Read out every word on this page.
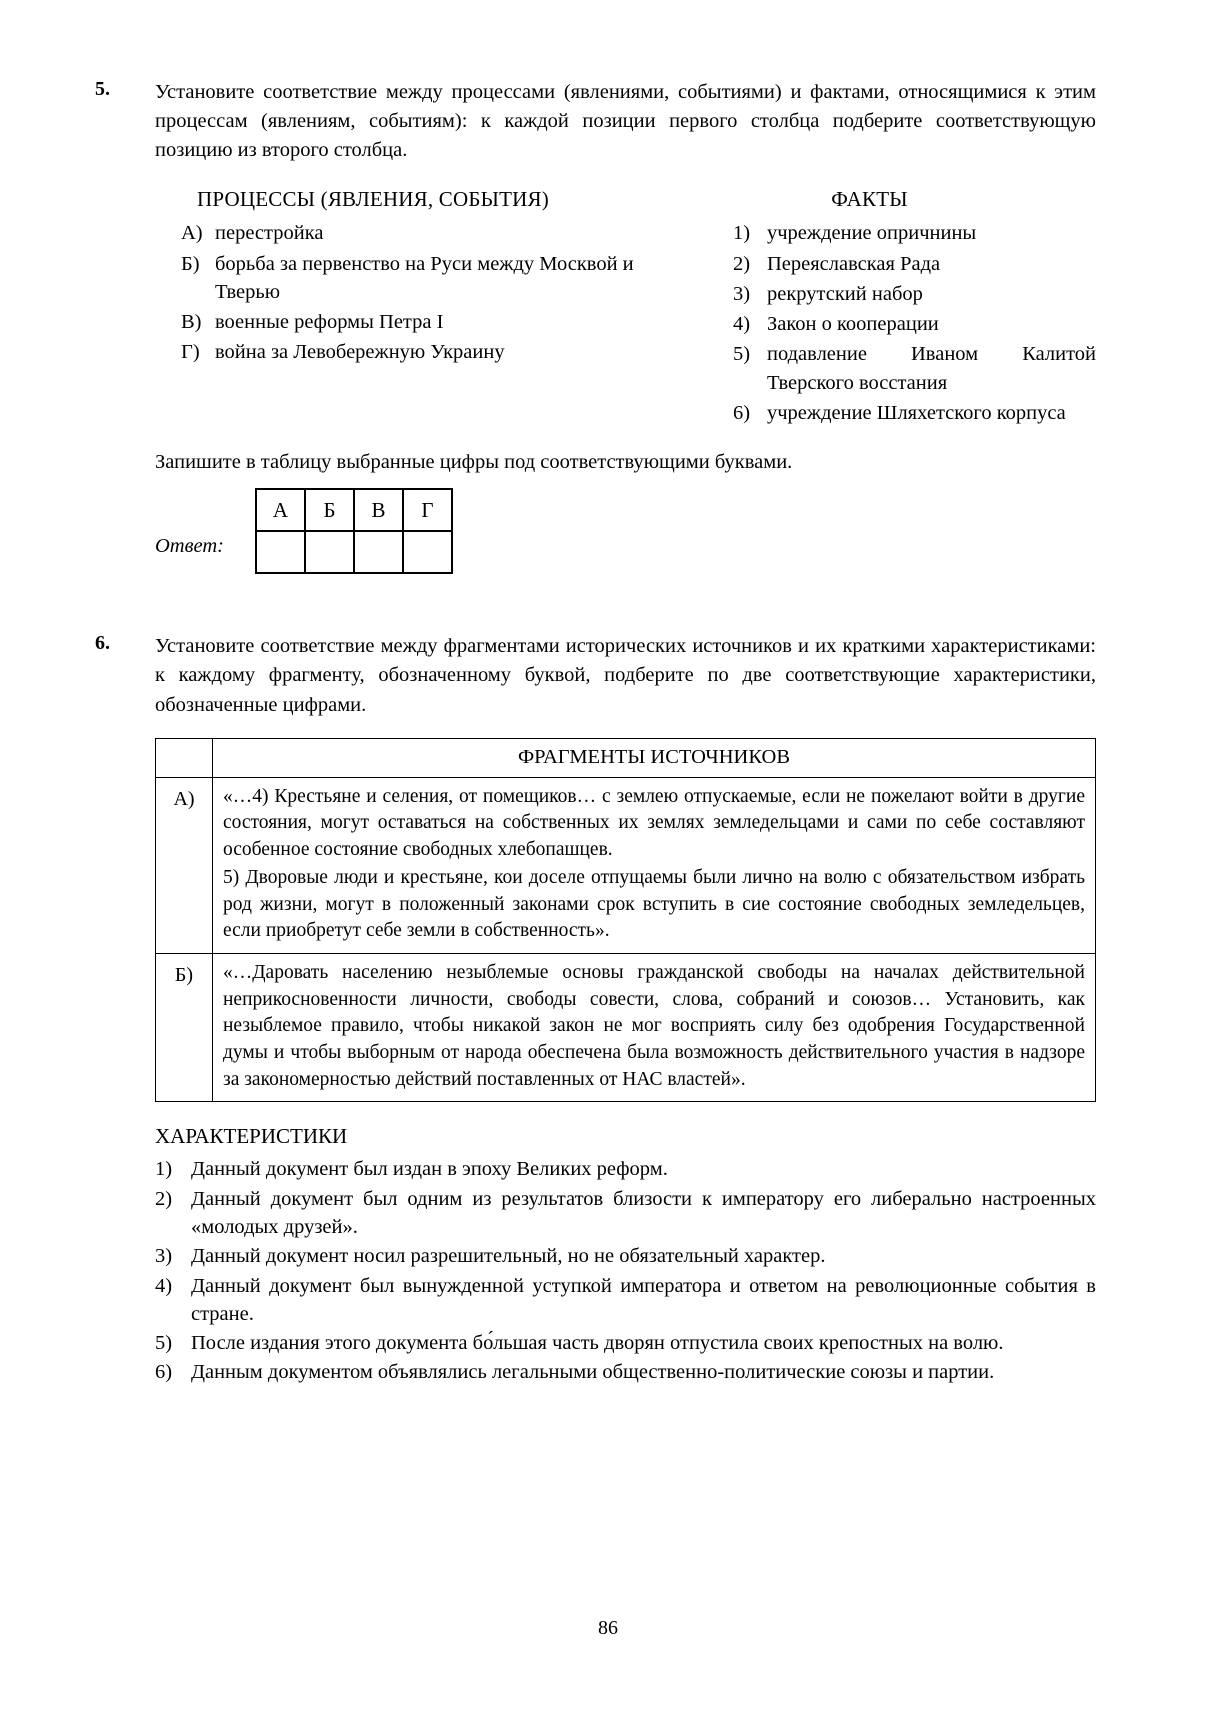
5. Установите соответствие между процессами (явлениями, событиями) и фактами, относящимися к этим процессам (явлениям, событиям): к каждой позиции первого столбца подберите соответствующую позицию из второго столбца.
ПРОЦЕССЫ (ЯВЛЕНИЯ, СОБЫТИЯ)
А) перестройка
Б) борьба за первенство на Руси между Москвой и Тверью
В) военные реформы Петра I
Г) война за Левобережную Украину
ФАКТЫ
1) учреждение опричнины
2) Переяславская Рада
3) рекрутский набор
4) Закон о кооперации
5) подавление Иваном Калитой Тверского восстания
6) учреждение Шляхетского корпуса
Запишите в таблицу выбранные цифры под соответствующими буквами.
Ответ:
А	Б	В	Г

6. Установите соответствие между фрагментами исторических источников и их краткими характеристиками: к каждому фрагменту, обозначенному буквой, подберите по две соответствующие характеристики, обозначенные цифрами.
	ФРАГМЕНТЫ ИСТОЧНИКОВ
А)	«…4) Крестьяне и селения, от помещиков… с землею отпускаемые, если не пожелают войти в другие состояния, могут оставаться на собственных их землях земледельцами и сами по себе составляют особенное состояние свободных хлебопашцев.

5) Дворовые люди и крестьяне, кои доселе отпущаемы были лично на волю с обязательством избрать род жизни, могут в положенный законами срок вступить в сие состояние свободных земледельцев, если приобретут себе земли в собственность».

Б)	«…Даровать населению незыблемые основы гражданской свободы на началах действительной неприкосновенности личности, свободы совести, слова, собраний и союзов… Установить, как незыблемое правило, чтобы никакой закон не мог восприять силу без одобрения Государственной думы и чтобы выборным от народа обеспечена была возможность действительного участия в надзоре за закономерностью действий поставленных от НАС властей».

ХАРАКТЕРИСТИКИ
1) Данный документ был издан в эпоху Великих реформ.
2) Данный документ был одним из результатов близости к императору его либерально настроенных «молодых друзей».
3) Данный документ носил разрешительный, но не обязательный характер.
4) Данный документ был вынужденной уступкой императора и ответом на революционные события в стране.
5) После издания этого документа бо́льшая часть дворян отпустила своих крепостных на волю.
6) Данным документом объявлялись легальными общественно-политические союзы и партии.
86
